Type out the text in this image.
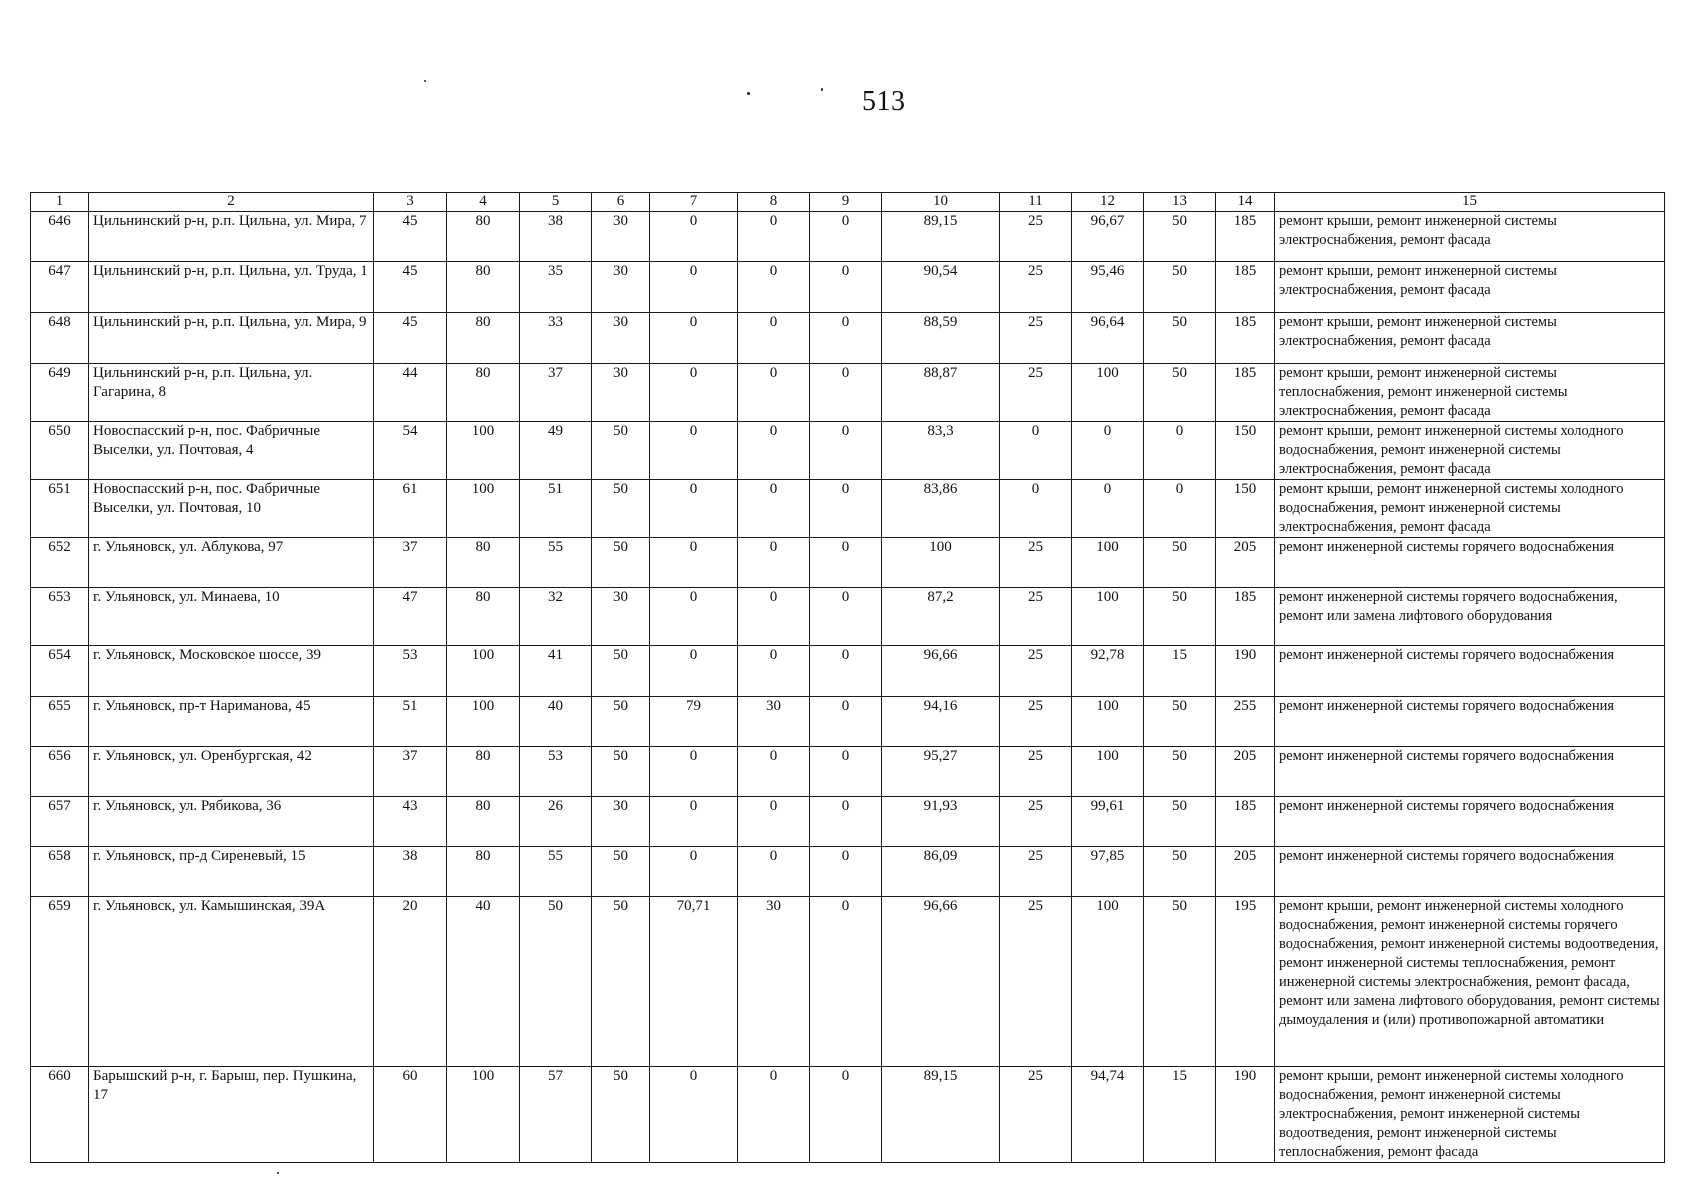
513
1	2	3	4	5	6	7	8	9	10	11	12	13	14	15
646	Цильнинский р-н, р.п. Цильна, ул. Мира, 7	45	80	38	30	0	0	0	89,15	25	96,67	50	185	ремонт крыши, ремонт инженерной системы электроснабжения, ремонт фасада
647	Цильнинский р-н, р.п. Цильна, ул. Труда, 1	45	80	35	30	0	0	0	90,54	25	95,46	50	185	ремонт крыши, ремонт инженерной системы электроснабжения, ремонт фасада
648	Цильнинский р-н, р.п. Цильна, ул. Мира, 9	45	80	33	30	0	0	0	88,59	25	96,64	50	185	ремонт крыши, ремонт инженерной системы электроснабжения, ремонт фасада
649	Цильнинский р-н, р.п. Цильна, ул. Гагарина, 8	44	80	37	30	0	0	0	88,87	25	100	50	185	ремонт крыши, ремонт инженерной системы теплоснабжения, ремонт инженерной системы электроснабжения, ремонт фасада
650	Новоспасский р-н, пос. Фабричные Выселки, ул. Почтовая, 4	54	100	49	50	0	0	0	83,3	0	0	0	150	ремонт крыши, ремонт инженерной системы холодного водоснабжения, ремонт инженерной системы электроснабжения, ремонт фасада
651	Новоспасский р-н, пос. Фабричные Выселки, ул. Почтовая, 10	61	100	51	50	0	0	0	83,86	0	0	0	150	ремонт крыши, ремонт инженерной системы холодного водоснабжения, ремонт инженерной системы электроснабжения, ремонт фасада
652	г. Ульяновск, ул. Аблукова, 97	37	80	55	50	0	0	0	100	25	100	50	205	ремонт инженерной системы горячего водоснабжения
653	г. Ульяновск, ул. Минаева, 10	47	80	32	30	0	0	0	87,2	25	100	50	185	ремонт инженерной системы горячего водоснабжения, ремонт или замена лифтового оборудования
654	г. Ульяновск, Московское шоссе, 39	53	100	41	50	0	0	0	96,66	25	92,78	15	190	ремонт инженерной системы горячего водоснабжения
655	г. Ульяновск, пр-т Нариманова, 45	51	100	40	50	79	30	0	94,16	25	100	50	255	ремонт инженерной системы горячего водоснабжения
656	г. Ульяновск, ул. Оренбургская, 42	37	80	53	50	0	0	0	95,27	25	100	50	205	ремонт инженерной системы горячего водоснабжения
657	г. Ульяновск, ул. Рябикова, 36	43	80	26	30	0	0	0	91,93	25	99,61	50	185	ремонт инженерной системы горячего водоснабжения
658	г. Ульяновск, пр-д Сиреневый, 15	38	80	55	50	0	0	0	86,09	25	97,85	50	205	ремонт инженерной системы горячего водоснабжения
659	г. Ульяновск, ул. Камышинская, 39А	20	40	50	50	70,71	30	0	96,66	25	100	50	195	ремонт крыши, ремонт инженерной системы холодного водоснабжения, ремонт инженерной системы горячего водоснабжения, ремонт инженерной системы водоотведения, ремонт инженерной системы теплоснабжения, ремонт инженерной системы электроснабжения, ремонт фасада, ремонт или замена лифтового оборудования, ремонт системы дымоудаления и (или) противопожарной автоматики
660	Барышский р-н, г. Барыш, пер. Пушкина, 17	60	100	57	50	0	0	0	89,15	25	94,74	15	190	ремонт крыши, ремонт инженерной системы холодного водоснабжения, ремонт инженерной системы электроснабжения, ремонт инженерной системы водоотведения, ремонт инженерной системы теплоснабжения, ремонт фасада
